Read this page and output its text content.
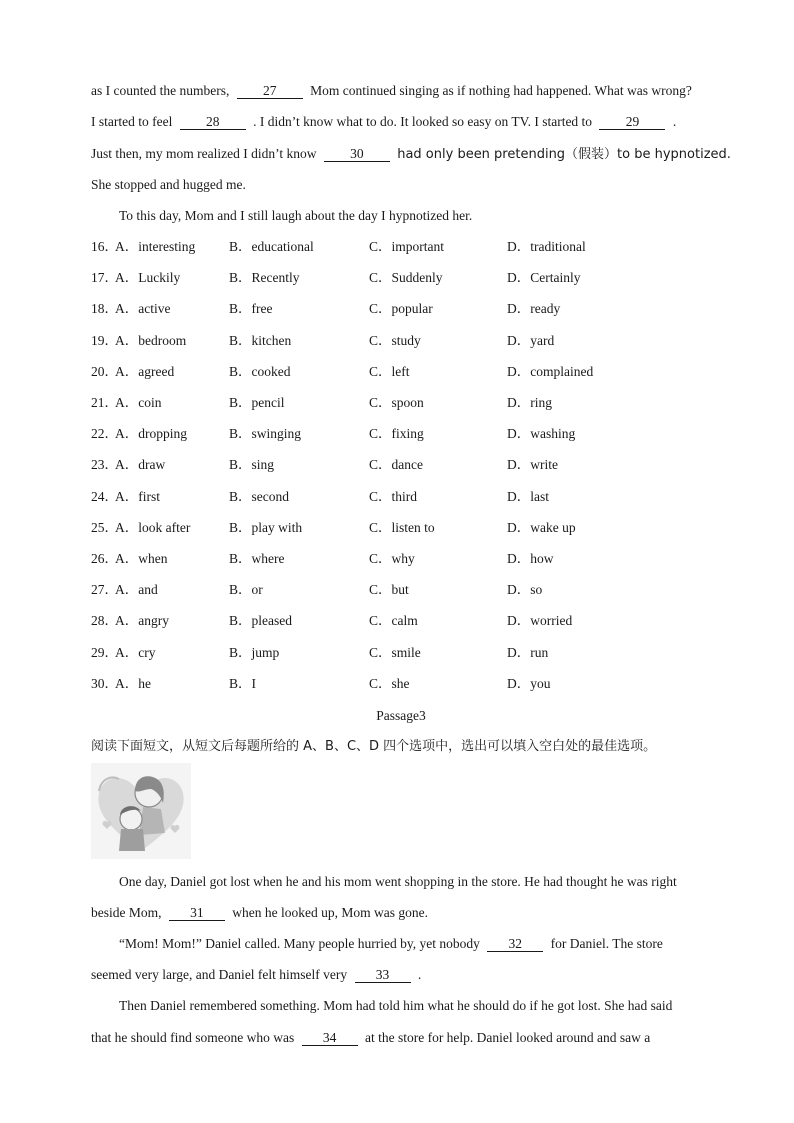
as I counted the numbers, 27 Mom continued singing as if nothing had happened. What was wrong?
I started to feel 28 . I didn’t know what to do. It looked so easy on TV. I started to 29 .
Just then, my mom realized I didn’t know 30	had only been pretending（假装）to be hypnotized.
She stopped and hugged me.
To this day, Mom and I still laugh about the day I hypnotized her.
16．
A．interesting	B．educational	C．important	D．traditional
17．
A．Luckily	B．Recently	C．Suddenly	D．Certainly
18．
A．active	B．free	C．popular	D．ready
19．
A．bedroom	B．kitchen	C．study	D．yard
20．
A．agreed	B．cooked	C．left	D．complained
21．
A．coin	B．pencil	C．spoon	D．ring
22．
A．dropping	B．swinging	C．fixing	D．washing
23．
A．draw	B．sing	C．dance	D．write
24．
A．first	B．second	C．third	D．last
25．
A．look after	B．play with	C．listen to	D．wake up
26．
A．when	B．where	C．why	D．how
27．
A．and	B．or	C．but	D．so
28．
A．angry	B．pleased	C．calm	D．worried
29．
A．cry	B．jump	C．smile	D．run
30．
A．he	B．I	C．she	D．you
Passage3
阅读下面短文，从短文后每题所给的 A、B、C、D 四个选项中，选出可以填入空白处的最佳选项。
One day, Daniel got lost when he and his mom went shopping in the store. He had thought he was right
beside Mom, 31 when he looked up, Mom was gone.
“Mom! Mom!” Daniel called. Many people hurried by, yet nobody 32 for Daniel. The store
seemed very large, and Daniel felt himself very 33 .
Then Daniel remembered something. Mom had told him what he should do if he got lost. She had said
that he should find someone who was 34 at the store for help. Daniel looked around and saw a
